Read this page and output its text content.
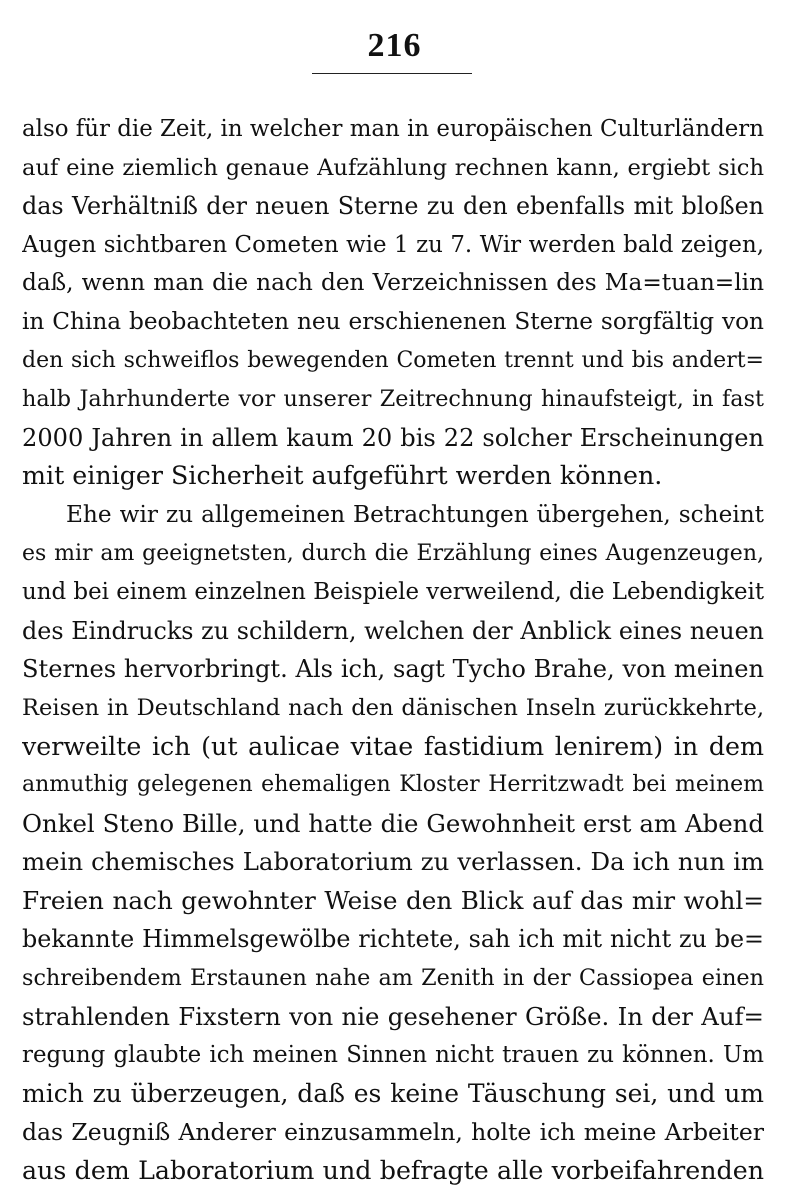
216
also für die Zeit, in welcher man in europäischen Culturländern
auf eine ziemlich genaue Aufzählung rechnen kann, ergiebt sich
das Verhältniß der neuen Sterne zu den ebenfalls mit bloßen
Augen sichtbaren Cometen wie 1 zu 7. Wir werden bald zeigen,
daß, wenn man die nach den Verzeichnissen des Ma=tuan=lin
in China beobachteten neu erschienenen Sterne sorgfältig von
den sich schweiflos bewegenden Cometen trennt und bis andert=
halb Jahrhunderte vor unserer Zeitrechnung hinaufsteigt, in fast
2000 Jahren in allem kaum 20 bis 22 solcher Erscheinungen
mit einiger Sicherheit aufgeführt werden können.
Ehe wir zu allgemeinen Betrachtungen übergehen, scheint
es mir am geeignetsten, durch die Erzählung eines Augenzeugen,
und bei einem einzelnen Beispiele verweilend, die Lebendigkeit
des Eindrucks zu schildern, welchen der Anblick eines neuen
Sternes hervorbringt. Als ich, sagt Tycho Brahe, von meinen
Reisen in Deutschland nach den dänischen Inseln zurückkehrte,
verweilte ich (ut aulicae vitae fastidium lenirem) in dem
anmuthig gelegenen ehemaligen Kloster Herritzwadt bei meinem
Onkel Steno Bille, und hatte die Gewohnheit erst am Abend
mein chemisches Laboratorium zu verlassen. Da ich nun im
Freien nach gewohnter Weise den Blick auf das mir wohl=
bekannte Himmelsgewölbe richtete, sah ich mit nicht zu be=
schreibendem Erstaunen nahe am Zenith in der Cassiopea einen
strahlenden Fixstern von nie gesehener Größe. In der Auf=
regung glaubte ich meinen Sinnen nicht trauen zu können. Um
mich zu überzeugen, daß es keine Täuschung sei, und um
das Zeugniß Anderer einzusammeln, holte ich meine Arbeiter
aus dem Laboratorium und befragte alle vorbeifahrenden
